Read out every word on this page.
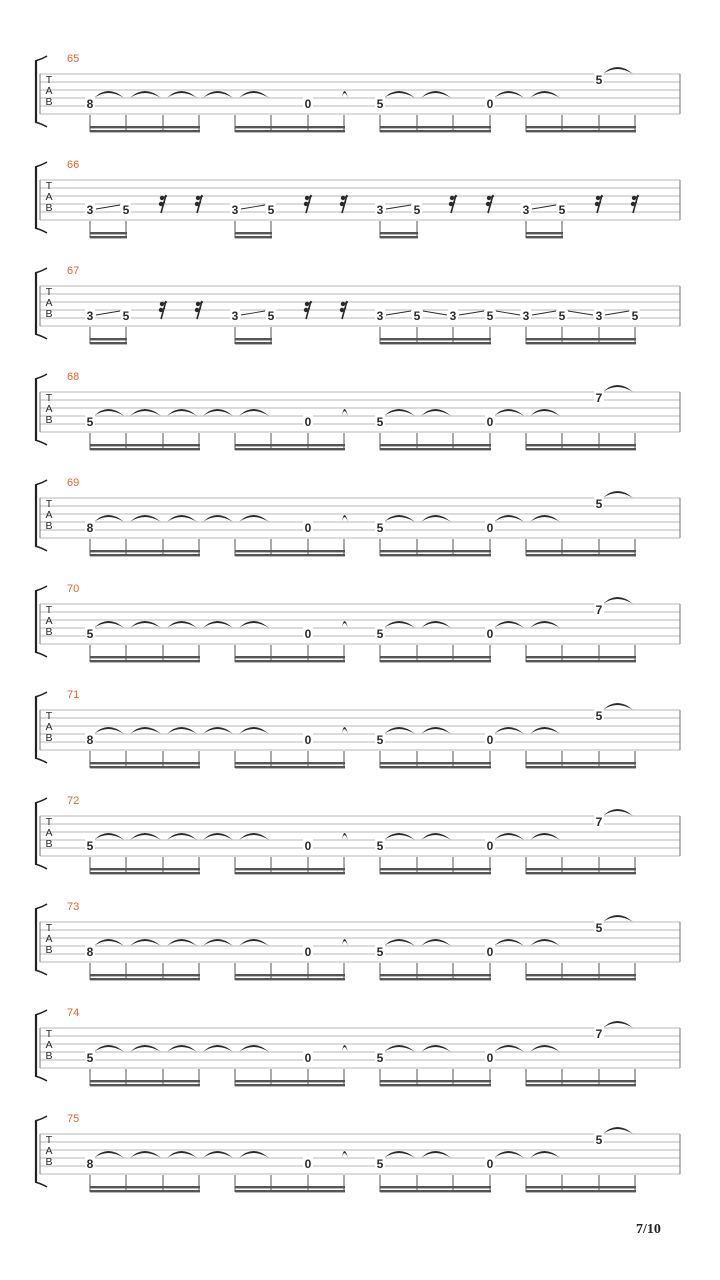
T
A
B
65
8	0	5	0
5
T
A
B
66
3 5	3 5	3	5	3 5
T
A
B
67
3 5	3 5	3	5 3	5 3 5	3 5
T
A
B
68
5	0	5	0
7
T
A
B
69
8	0	5	0
5
T
A
B
70
5	0	5	0
7
T
A
B
71
8	0	5	0
5
T
A
B
72
5	0	5	0
7
T
A
B
73
8	0	5	0
5
T
A
B
74
5	0	5	0
7
T
A
B
75
8	0	5	0
5
7/10
